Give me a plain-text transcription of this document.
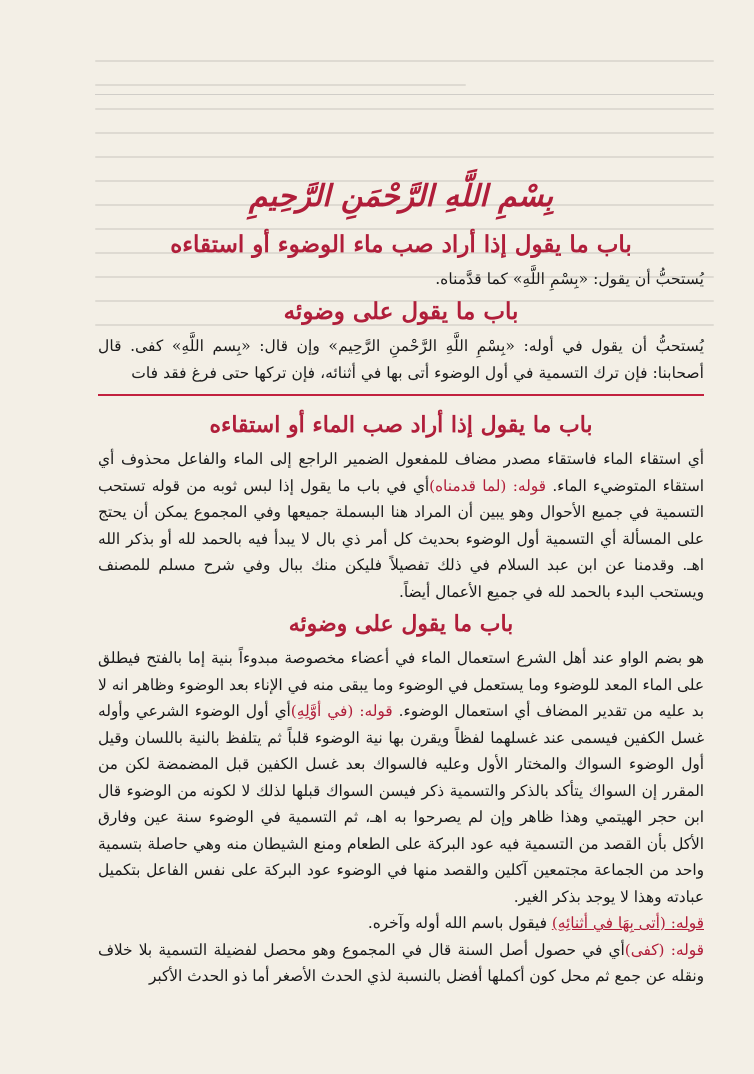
بِسْمِ اللَّهِ الرَّحْمَنِ الرَّحِيمِ
باب ما يقول إذا أراد صب ماء الوضوء أو استقاءه

يُستحبُّ أن يقول: «بِسْمِ اللَّهِ» كما قدَّمناه.

باب ما يقول على وضوئه

يُستحبُّ أن يقول في أوله: «بِسْمِ اللَّهِ الرَّحْمنِ الرَّحِيم» وإن قال: «بِسم اللَّهِ» كفى. قال أصحابنا: فإن ترك التسمية في أول الوضوء أتى بها في أثنائه، فإن تركها حتى فرغ فقد فات

باب ما يقول إذا أراد صب الماء أو استقاءه

أي استقاء الماء فاستقاء مصدر مضاف للمفعول الضمير الراجع إلى الماء والفاعل محذوف أي استقاء المتوضيء الماء. قوله: (لما قدمناه)أي في باب ما يقول إذا لبس ثوبه من قوله تستحب التسمية في جميع الأحوال وهو يبين أن المراد هنا البسملة جميعها وفي المجموع يمكن أن يحتج على المسألة أي التسمية أول الوضوء بحديث كل أمر ذي بال لا يبدأ فيه بالحمد لله أو بذكر الله اهـ. وقدمنا عن ابن عبد السلام في ذلك تفصيلاً فليكن منك ببال وفي شرح مسلم للمصنف ويستحب البدء بالحمد لله في جميع الأعمال أيضاً.

باب ما يقول على وضوئه

هو بضم الواو عند أهل الشرع استعمال الماء في أعضاء مخصوصة مبدوءاً بنية إما بالفتح فيطلق على الماء المعد للوضوء وما يستعمل في الوضوء وما يبقى منه في الإناء بعد الوضوء وظاهر انه لا بد عليه من تقدير المضاف أي استعمال الوضوء. قوله: (في أوَّلِهِ)أي أول الوضوء الشرعي وأوله غسل الكفين فيسمى عند غسلهما لفظاً ويقرن بها نية الوضوء قلباً ثم يتلفظ بالنية باللسان وقيل أول الوضوء السواك والمختار الأول وعليه فالسواك بعد غسل الكفين قبل المضمضة لكن من المقرر إن السواك يتأكد بالذكر والتسمية ذكر فيسن السواك قبلها لذلك لا لكونه من الوضوء قال ابن حجر الهيتمي وهذا ظاهر وإن لم يصرحوا به اهـ، ثم التسمية في الوضوء سنة عين وفارق الأكل بأن القصد من التسمية فيه عود البركة على الطعام ومنع الشيطان منه وهي حاصلة بتسمية واحد من الجماعة مجتمعين آكلين والقصد منها في الوضوء عود البركة على نفس الفاعل بتكميل عبادته وهذا لا يوجد بذكر الغير.

قوله: (أتى بِهَا في أثنائِهِ) فيقول باسم الله أوله وآخره.

قوله: (كفى)أي في حصول أصل السنة قال في المجموع وهو محصل لفضيلة التسمية بلا خلاف ونقله عن جمع ثم محل كون أكملها أفضل بالنسبة لذي الحدث الأصغر أما ذو الحدث الأكبر
